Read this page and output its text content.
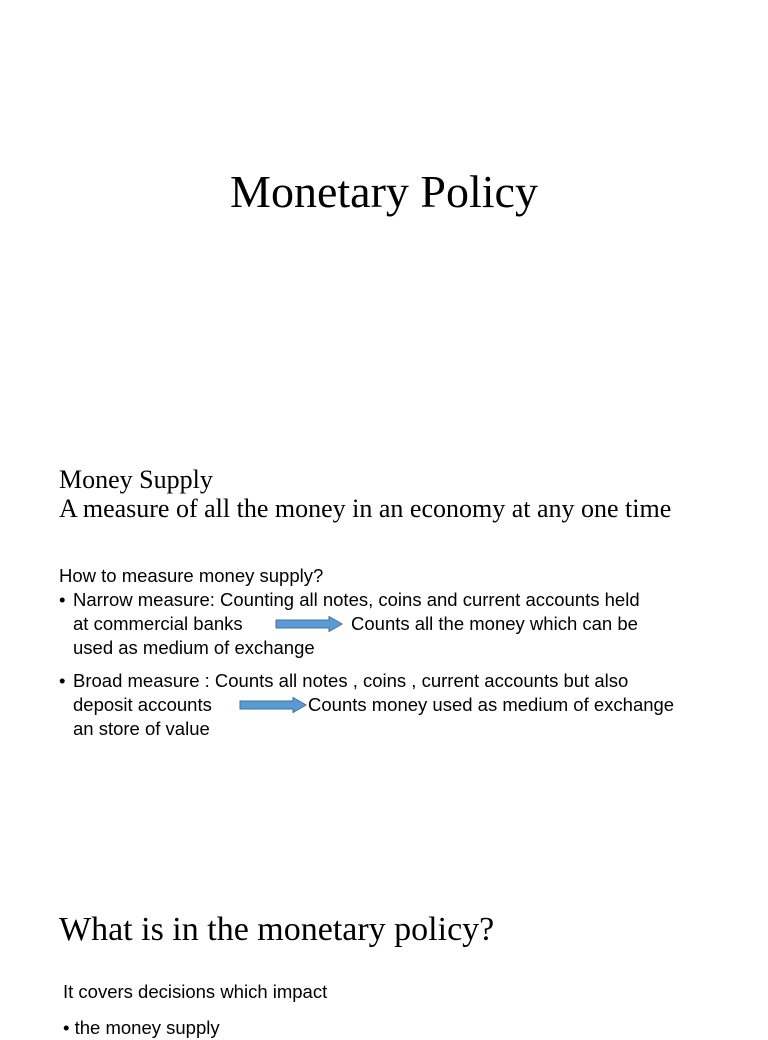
Monetary Policy
Money Supply
A measure of all the money in an economy at any one time
How to measure money supply?
• Narrow measure: Counting all notes, coins and current accounts held
at commercial banks	Counts all the money which can be
used as medium of exchange
• Broad measure : Counts all notes , coins , current accounts but also
deposit accounts	Counts money used as medium of exchange
an store of value
What is in the monetary policy?
It covers decisions which impact
• the money supply
